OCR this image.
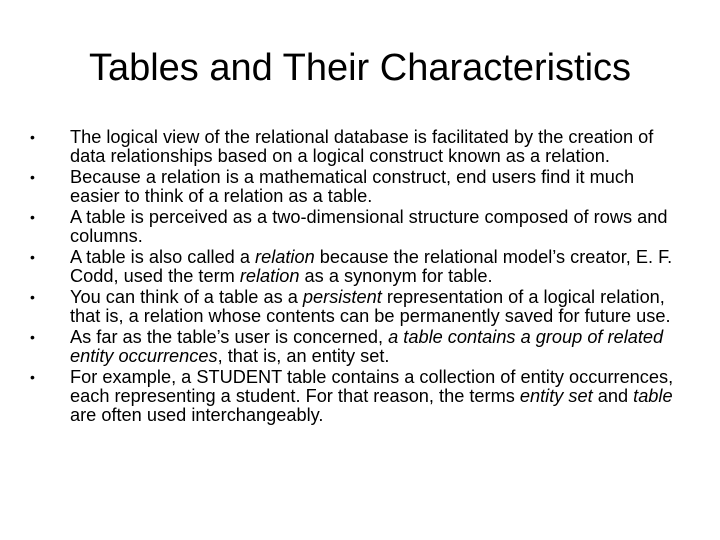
Tables and Their Characteristics
•	The logical view of the relational database is facilitated by the creation of data relationships based on a logical construct known as a relation.
•	Because a relation is a mathematical construct, end users find it much easier to think of a relation as a table.
•	A table is perceived as a two-dimensional structure composed of rows and columns.
•	A table is also called a relation because the relational model’s creator, E. F. Codd, used the term relation as a synonym for table.
•	You can think of a table as a persistent representation of a logical relation, that is, a relation whose contents can be permanently saved for future use.
•	As far as the table’s user is concerned, a table contains a group of related entity occurrences, that is, an entity set.
•	For example, a STUDENT table contains a collection of entity occurrences, each representing a student. For that reason, the terms entity set and table are often used interchangeably.
